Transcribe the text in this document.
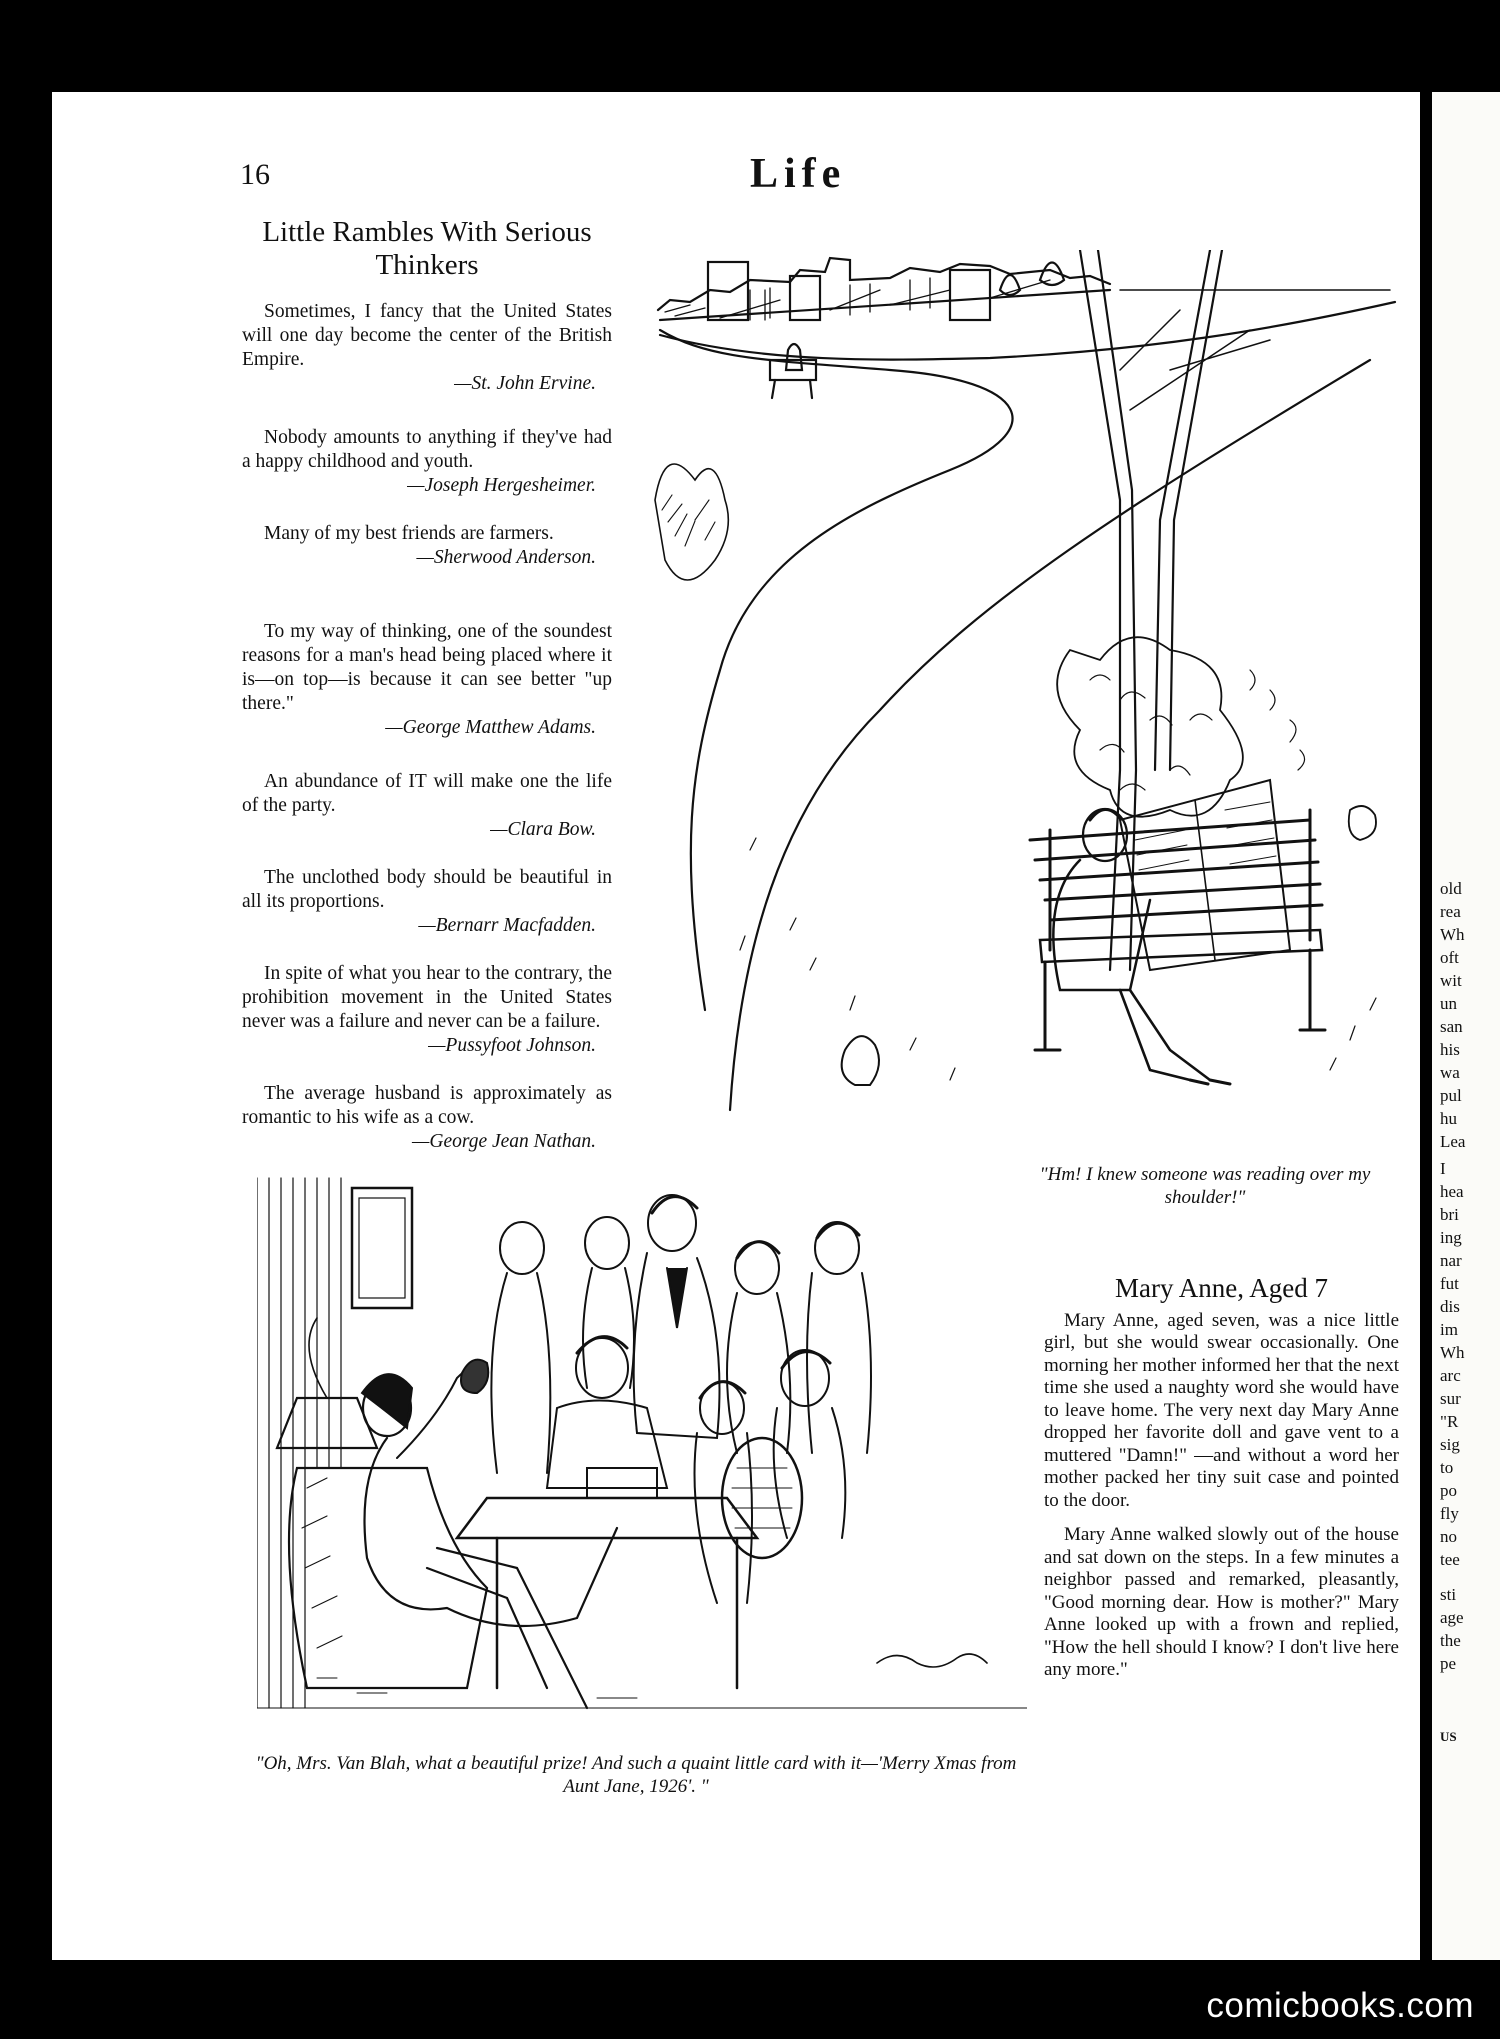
old
rea
Wh
oft
wit
un
san
his
wa
pul
hu
Lea
I
hea
bri
ing
nar
fut
dis
im
Wh
arc
sur
"R
sig
to
po
fly
no
tee
sti
age
the
pe
US
16	Life
Little Rambles With Serious Thinkers

Sometimes, I fancy that the United States will one day become the center of the British Empire.

—St. John Ervine.

Nobody amounts to anything if they've had a happy childhood and youth.

—Joseph Hergesheimer.

Many of my best friends are farmers.

—Sherwood Anderson.

To my way of thinking, one of the soundest reasons for a man's head being placed where it is—on top—is because it can see better "up there."

—George Matthew Adams.

An abundance of IT will make one the life of the party.

—Clara Bow.

The unclothed body should be beautiful in all its proportions.

—Bernarr Macfadden.

In spite of what you hear to the contrary, the prohibition movement in the United States never was a failure and never can be a failure.

—Pussyfoot Johnson.

The average husband is approximately as romantic to his wife as a cow.

—George Jean Nathan.

"Hm! I knew someone was reading over my shoulder!"
"Oh, Mrs. Van Blah, what a beautiful prize! And such a quaint little card with it—'Merry Xmas from Aunt Jane, 1926'. "
Mary Anne, Aged 7

Mary Anne, aged seven, was a nice little girl, but she would swear occasionally. One morning her mother informed her that the next time she used a naughty word she would have to leave home. The very next day Mary Anne dropped her favorite doll and gave vent to a muttered "Damn!" —and without a word her mother packed her tiny suit case and pointed to the door.

Mary Anne walked slowly out of the house and sat down on the steps. In a few minutes a neighbor passed and remarked, pleasantly, "Good morning dear. How is mother?" Mary Anne looked up with a frown and replied, "How the hell should I know? I don't live here any more."

comicbooks.com
